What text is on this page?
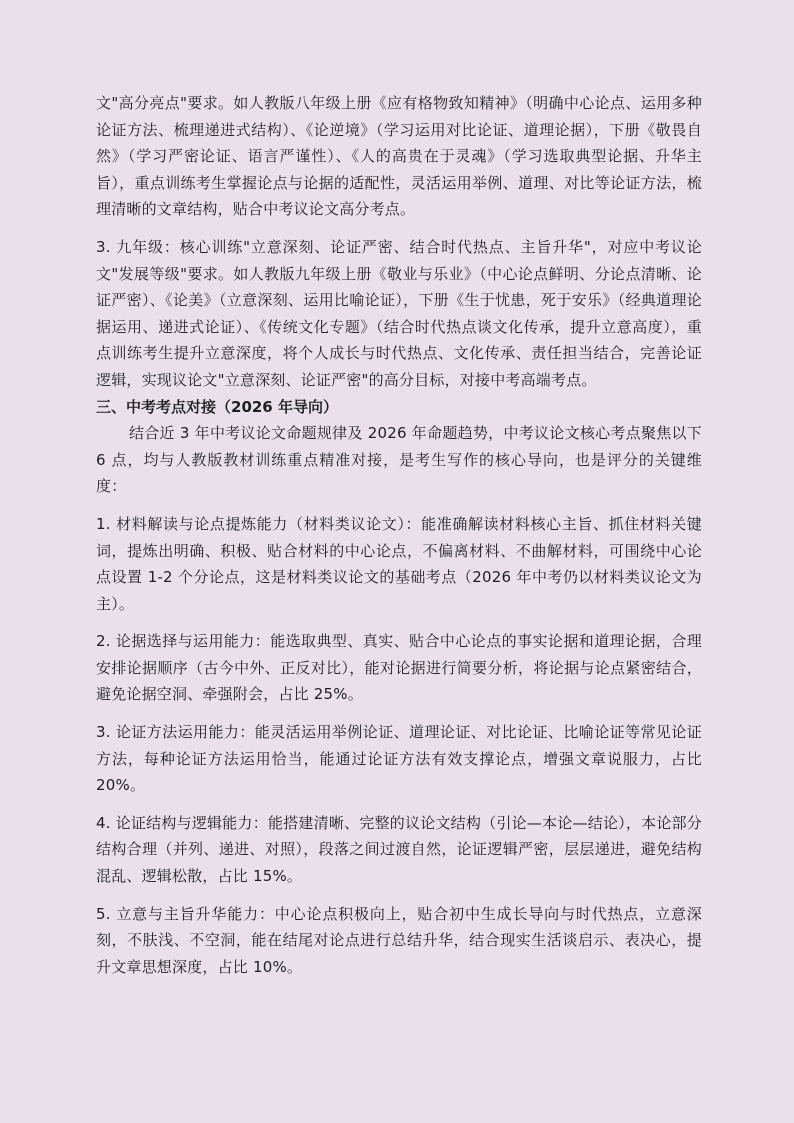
文"高分亮点"要求。如人教版八年级上册《应有格物致知精神》（明确中心论点、运用多种论证方法、梳理递进式结构）、《论逆境》（学习运用对比论证、道理论据），下册《敬畏自然》（学习严密论证、语言严谨性）、《人的高贵在于灵魂》（学习选取典型论据、升华主旨），重点训练考生掌握论点与论据的适配性，灵活运用举例、道理、对比等论证方法，梳理清晰的文章结构，贴合中考议论文高分考点。

3. 九年级：核心训练"立意深刻、论证严密、结合时代热点、主旨升华"，对应中考议论文"发展等级"要求。如人教版九年级上册《敬业与乐业》（中心论点鲜明、分论点清晰、论证严密）、《论美》（立意深刻、运用比喻论证），下册《生于忧患，死于安乐》（经典道理论据运用、递进式论证）、《传统文化专题》（结合时代热点谈文化传承，提升立意高度），重点训练考生提升立意深度，将个人成长与时代热点、文化传承、责任担当结合，完善论证逻辑，实现议论文"立意深刻、论证严密"的高分目标，对接中考高端考点。

三、中考考点对接（2026 年导向）

结合近 3 年中考议论文命题规律及 2026 年命题趋势，中考议论文核心考点聚焦以下 6 点，均与人教版教材训练重点精准对接，是考生写作的核心导向，也是评分的关键维度：

1. 材料解读与论点提炼能力（材料类议论文）：能准确解读材料核心主旨、抓住材料关键词，提炼出明确、积极、贴合材料的中心论点，不偏离材料、不曲解材料，可围绕中心论点设置 1-2 个分论点，这是材料类议论文的基础考点（2026 年中考仍以材料类议论文为主）。

2. 论据选择与运用能力：能选取典型、真实、贴合中心论点的事实论据和道理论据，合理安排论据顺序（古今中外、正反对比），能对论据进行简要分析，将论据与论点紧密结合，避免论据空洞、牵强附会，占比 25%。

3. 论证方法运用能力：能灵活运用举例论证、道理论证、对比论证、比喻论证等常见论证方法，每种论证方法运用恰当，能通过论证方法有效支撑论点，增强文章说服力，占比 20%。

4. 论证结构与逻辑能力：能搭建清晰、完整的议论文结构（引论—本论—结论），本论部分结构合理（并列、递进、对照），段落之间过渡自然，论证逻辑严密，层层递进，避免结构混乱、逻辑松散，占比 15%。

5. 立意与主旨升华能力：中心论点积极向上，贴合初中生成长导向与时代热点，立意深刻，不肤浅、不空洞，能在结尾对论点进行总结升华，结合现实生活谈启示、表决心，提升文章思想深度，占比 10%。
